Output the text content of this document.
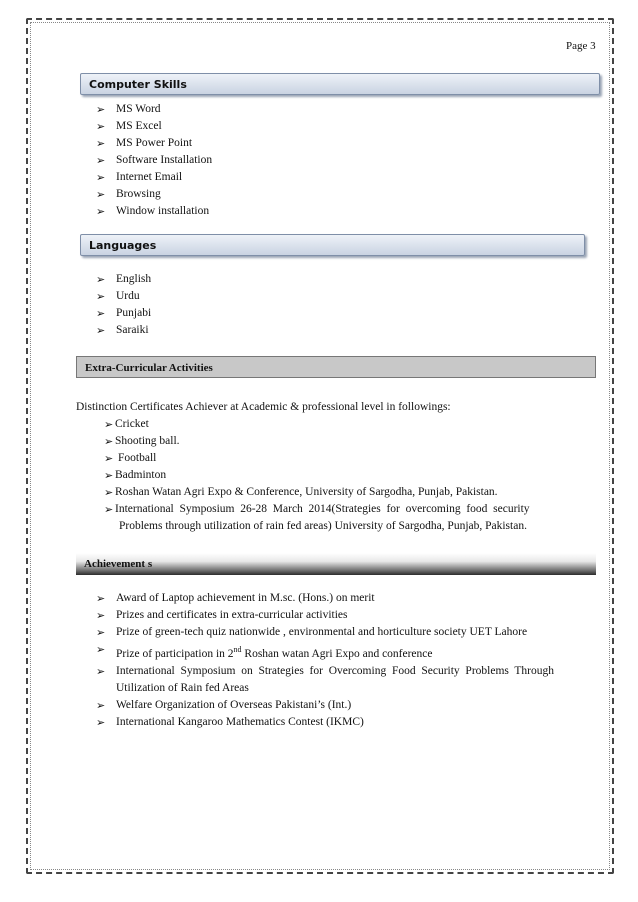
Page 3
Computer Skills
➢ MS Word
➢ MS Excel
➢ MS Power Point
➢ Software Installation
➢ Internet Email
➢ Browsing
➢ Window installation
Languages
➢ English
➢ Urdu
➢ Punjabi
➢ Saraiki
Extra-Curricular Activities
Distinction Certificates Achiever at Academic & professional level in followings:
➢ Cricket
➢ Shooting ball.
➢ Football
➢ Badminton
➢ Roshan Watan Agri Expo & Conference, University of Sargodha, Punjab, Pakistan.
➢ International  Symposium  26-28  March  2014(Strategies  for  overcoming  food  security
Problems through utilization of rain fed areas) University of Sargodha, Punjab, Pakistan.
Achievement s
➢ Award of Laptop achievement in M.sc. (Hons.) on merit
➢ Prizes and certificates in extra-curricular activities
➢ Prize of green-tech quiz nationwide , environmental and horticulture society UET Lahore
➢ Prize of participation in 2nd Roshan watan Agri Expo and conference
➢ International  Symposium  on  Strategies  for  Overcoming  Food  Security  Problems  Through
Utilization of Rain fed Areas
➢ Welfare Organization of Overseas Pakistani’s (Int.)
➢ International Kangaroo Mathematics Contest (IKMC)
